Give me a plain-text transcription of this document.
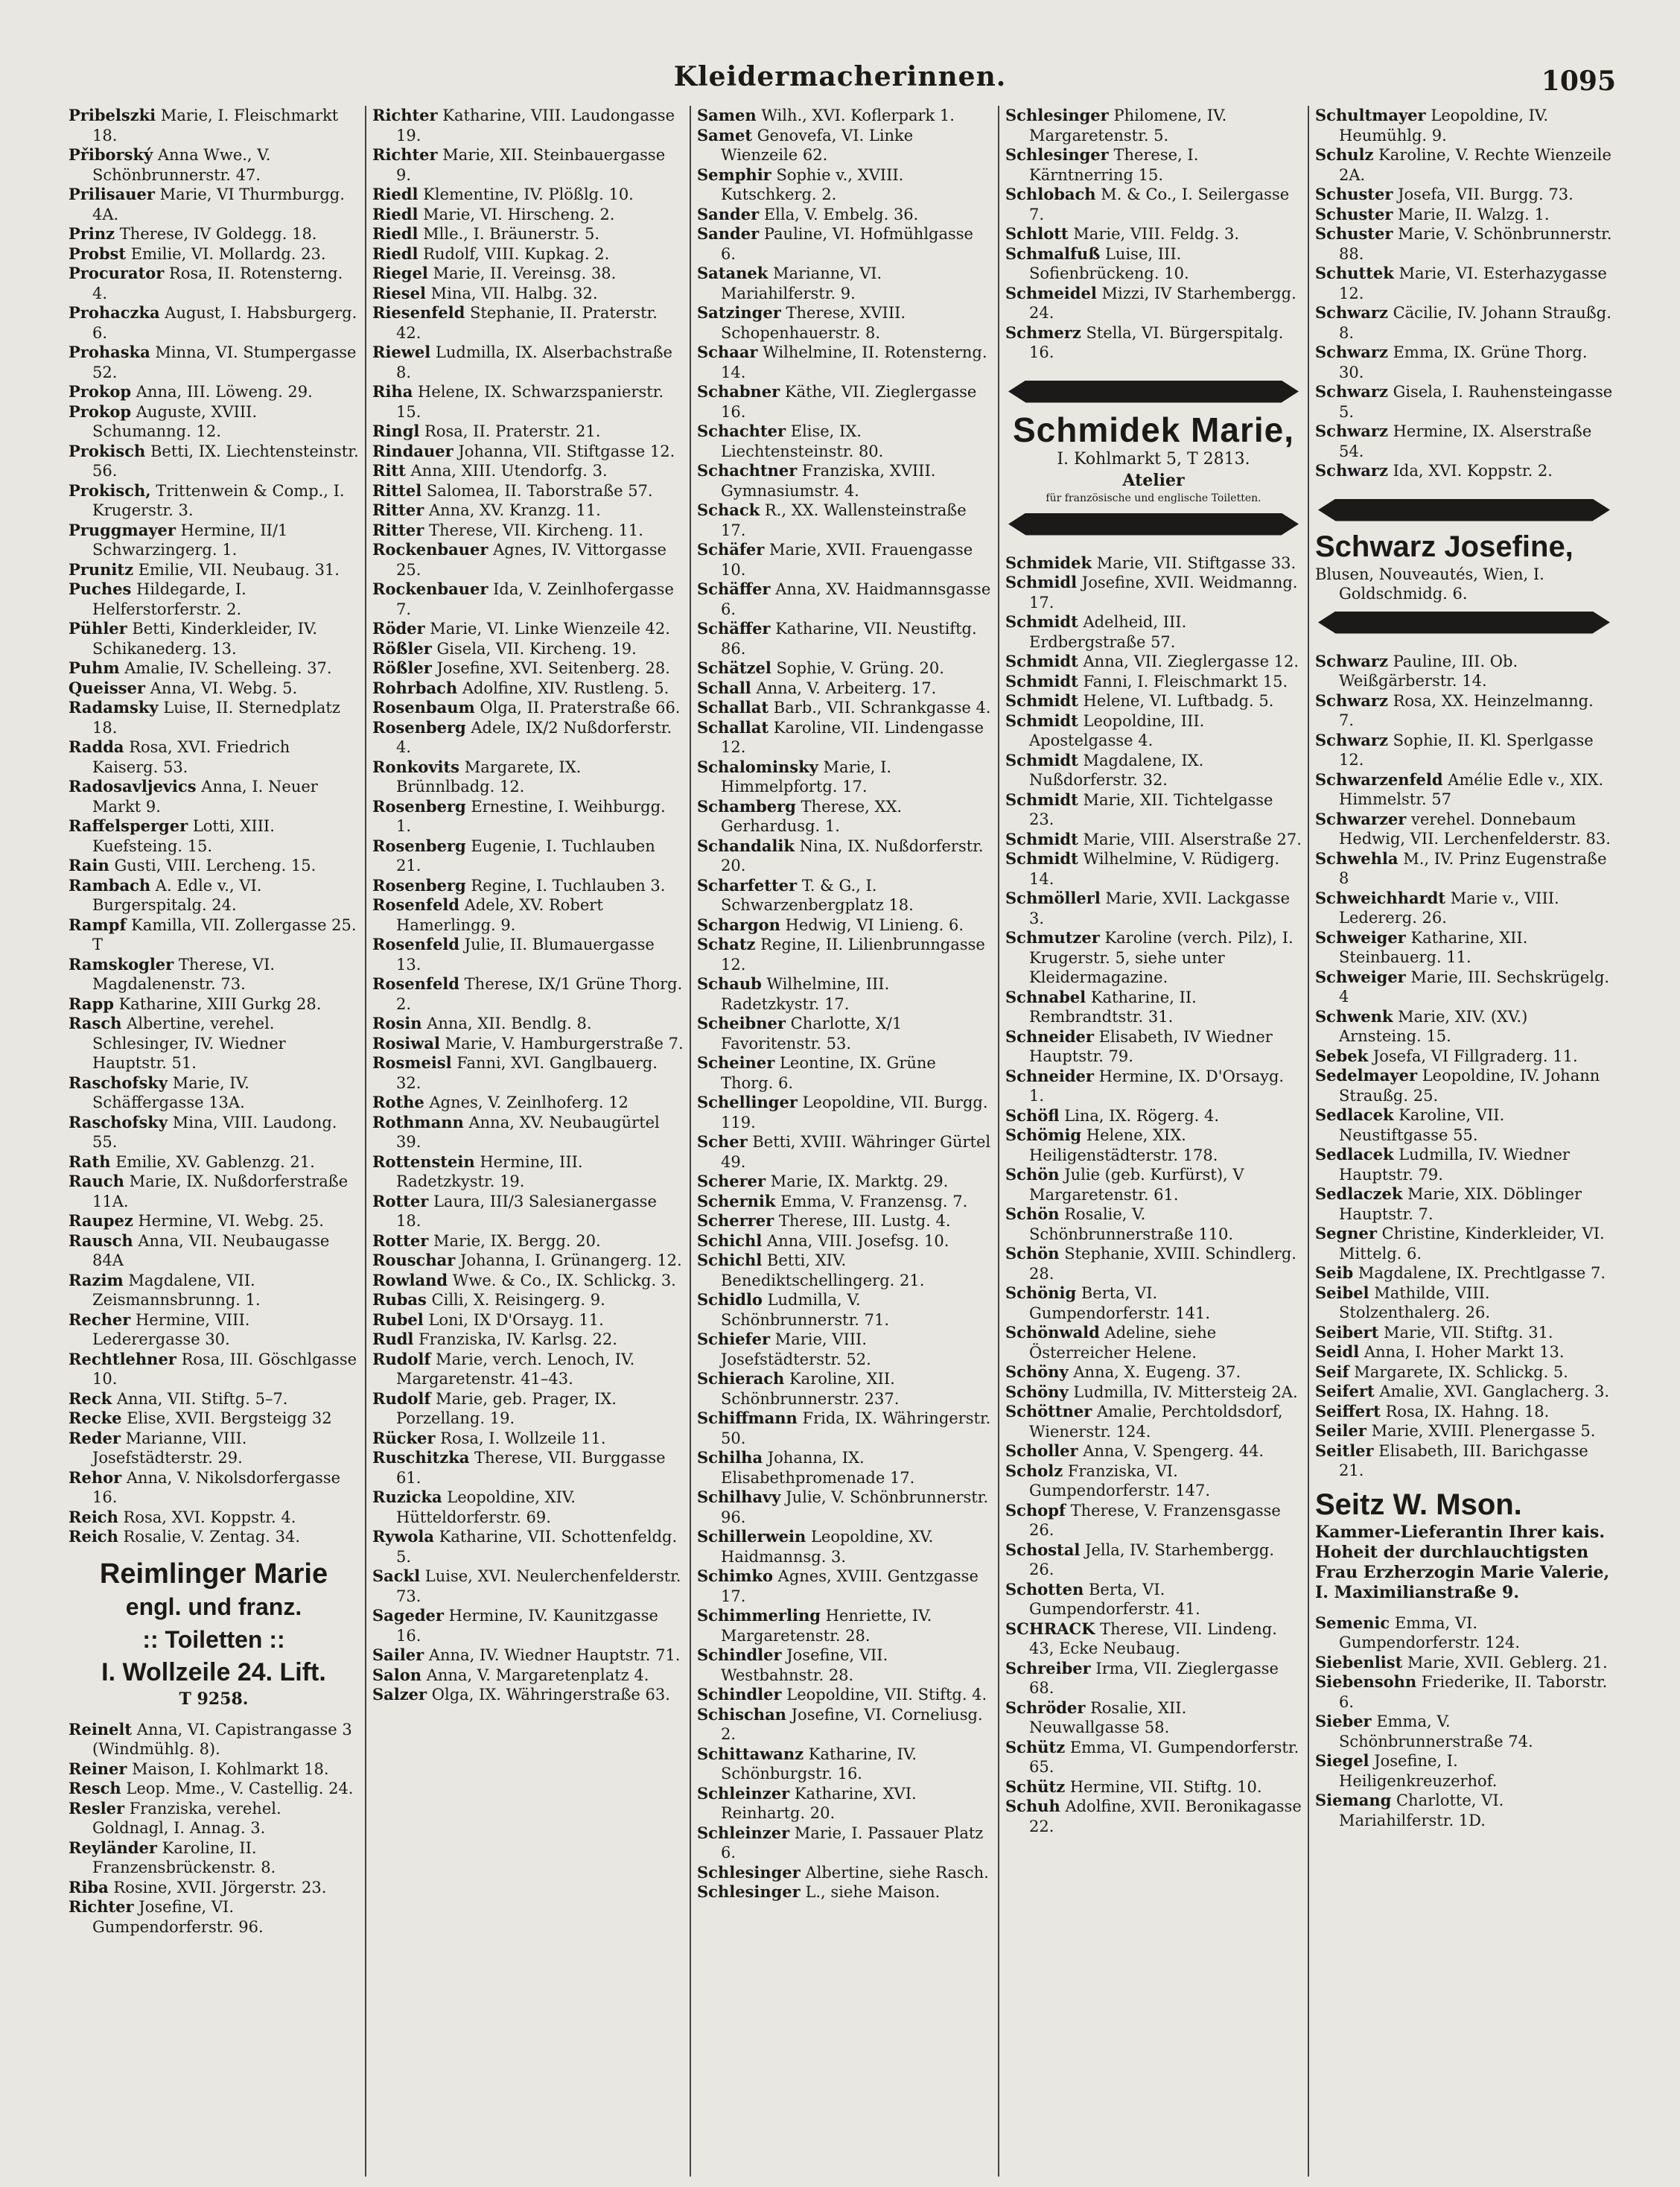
Kleidermacherinnen.	1095
Pribelszki Marie, I. Fleischmarkt 18.
Přiborský Anna Wwe., V. Schönbrunnerstr. 47.
Prilisauer Marie, VI Thurmburgg. 4A.
Prinz Therese, IV Goldegg. 18.
Probst Emilie, VI. Mollardg. 23.
Procurator Rosa, II. Rotensterng. 4.
Prohaczka August, I. Habsburgerg. 6.
Prohaska Minna, VI. Stumpergasse 52.
Prokop Anna, III. Löweng. 29.
Prokop Auguste, XVIII. Schumanng. 12.
Prokisch Betti, IX. Liechtensteinstr. 56.
Prokisch, Trittenwein & Comp., I. Krugerstr. 3.
Pruggmayer Hermine, II/1 Schwarzingerg. 1.
Prunitz Emilie, VII. Neubaug. 31.
Puches Hildegarde, I. Helferstorferstr. 2.
Pühler Betti, Kinderkleider, IV. Schikanederg. 13.
Puhm Amalie, IV. Schelleing. 37.
Queisser Anna, VI. Webg. 5.
Radamsky Luise, II. Sternedplatz 18.
Radda Rosa, XVI. Friedrich Kaiserg. 53.
Radosavljevics Anna, I. Neuer Markt 9.
Raffelsperger Lotti, XIII. Kuefsteing. 15.
Rain Gusti, VIII. Lercheng. 15.
Rambach A. Edle v., VI. Burgerspitalg. 24.
Rampf Kamilla, VII. Zollergasse 25. T
Ramskogler Therese, VI. Magdalenenstr. 73.
Rapp Katharine, XIII Gurkg 28.
Rasch Albertine, verehel. Schlesinger, IV. Wiedner Hauptstr. 51.
Raschofsky Marie, IV. Schäffergasse 13A.
Raschofsky Mina, VIII. Laudong. 55.
Rath Emilie, XV. Gablenzg. 21.
Rauch Marie, IX. Nußdorferstraße 11A.
Raupez Hermine, VI. Webg. 25.
Rausch Anna, VII. Neubaugasse 84A
Razim Magdalene, VII. Zeismannsbrunng. 1.
Recher Hermine, VIII. Lederergasse 30.
Rechtlehner Rosa, III. Göschlgasse 10.
Reck Anna, VII. Stiftg. 5–7.
Recke Elise, XVII. Bergsteigg 32
Reder Marianne, VIII. Josefstädterstr. 29.
Rehor Anna, V. Nikolsdorfergasse 16.
Reich Rosa, XVI. Koppstr. 4.
Reich Rosalie, V. Zentag. 34.
Reimlinger Marie
engl. und franz.
:: Toiletten ::
I. Wollzeile 24. Lift.
T 9258.
Reinelt Anna, VI. Capistrangasse 3 (Windmühlg. 8).
Reiner Maison, I. Kohlmarkt 18.
Resch Leop. Mme., V. Castellig. 24.
Resler Franziska, verehel. Goldnagl, I. Annag. 3.
Reyländer Karoline, II. Franzensbrückenstr. 8.
Riba Rosine, XVII. Jörgerstr. 23.
Richter Josefine, VI. Gumpendorferstr. 96.
Richter Katharine, VIII. Laudongasse 19.
Richter Marie, XII. Steinbauergasse 9.
Riedl Klementine, IV. Plößlg. 10.
Riedl Marie, VI. Hirscheng. 2.
Riedl Mlle., I. Bräunerstr. 5.
Riedl Rudolf, VIII. Kupkag. 2.
Riegel Marie, II. Vereinsg. 38.
Riesel Mina, VII. Halbg. 32.
Riesenfeld Stephanie, II. Praterstr. 42.
Riewel Ludmilla, IX. Alserbachstraße 8.
Riha Helene, IX. Schwarzspanierstr. 15.
Ringl Rosa, II. Praterstr. 21.
Rindauer Johanna, VII. Stiftgasse 12.
Ritt Anna, XIII. Utendorfg. 3.
Rittel Salomea, II. Taborstraße 57.
Ritter Anna, XV. Kranzg. 11.
Ritter Therese, VII. Kircheng. 11.
Rockenbauer Agnes, IV. Vittorgasse 25.
Rockenbauer Ida, V. Zeinlhofergasse 7.
Röder Marie, VI. Linke Wienzeile 42.
Rößler Gisela, VII. Kircheng. 19.
Rößler Josefine, XVI. Seitenberg. 28.
Rohrbach Adolfine, XIV. Rustleng. 5.
Rosenbaum Olga, II. Praterstraße 66.
Rosenberg Adele, IX/2 Nußdorferstr. 4.
Ronkovits Margarete, IX. Brünnlbadg. 12.
Rosenberg Ernestine, I. Weihburgg. 1.
Rosenberg Eugenie, I. Tuchlauben 21.
Rosenberg Regine, I. Tuchlauben 3.
Rosenfeld Adele, XV. Robert Hamerlingg. 9.
Rosenfeld Julie, II. Blumauergasse 13.
Rosenfeld Therese, IX/1 Grüne Thorg. 2.
Rosin Anna, XII. Bendlg. 8.
Rosiwal Marie, V. Hamburgerstraße 7.
Rosmeisl Fanni, XVI. Ganglbauerg. 32.
Rothe Agnes, V. Zeinlhoferg. 12
Rothmann Anna, XV. Neubaugürtel 39.
Rottenstein Hermine, III. Radetzkystr. 19.
Rotter Laura, III/3 Salesianergasse 18.
Rotter Marie, IX. Bergg. 20.
Rouschar Johanna, I. Grünangerg. 12.
Rowland Wwe. & Co., IX. Schlickg. 3.
Rubas Cilli, X. Reisingerg. 9.
Rubel Loni, IX D'Orsayg. 11.
Rudl Franziska, IV. Karlsg. 22.
Rudolf Marie, verch. Lenoch, IV. Margaretenstr. 41–43.
Rudolf Marie, geb. Prager, IX. Porzellang. 19.
Rücker Rosa, I. Wollzeile 11.
Ruschitzka Therese, VII. Burggasse 61.
Ruzicka Leopoldine, XIV. Hütteldorferstr. 69.
Rywola Katharine, VII. Schottenfeldg. 5.
Sackl Luise, XVI. Neulerchenfelderstr. 73.
Sageder Hermine, IV. Kaunitzgasse 16.
Sailer Anna, IV. Wiedner Hauptstr. 71.
Salon Anna, V. Margaretenplatz 4.
Salzer Olga, IX. Währingerstraße 63.
Samen Wilh., XVI. Koflerpark 1.
Samet Genovefa, VI. Linke Wienzeile 62.
Semphir Sophie v., XVIII. Kutschkerg. 2.
Sander Ella, V. Embelg. 36.
Sander Pauline, VI. Hofmühlgasse 6.
Satanek Marianne, VI. Mariahilferstr. 9.
Satzinger Therese, XVIII. Schopenhauerstr. 8.
Schaar Wilhelmine, II. Rotensterng. 14.
Schabner Käthe, VII. Zieglergasse 16.
Schachter Elise, IX. Liechtensteinstr. 80.
Schachtner Franziska, XVIII. Gymnasiumstr. 4.
Schack R., XX. Wallensteinstraße 17.
Schäfer Marie, XVII. Frauengasse 10.
Schäffer Anna, XV. Haidmannsgasse 6.
Schäffer Katharine, VII. Neustiftg. 86.
Schätzel Sophie, V. Grüng. 20.
Schall Anna, V. Arbeiterg. 17.
Schallat Barb., VII. Schrankgasse 4.
Schallat Karoline, VII. Lindengasse 12.
Schalominsky Marie, I. Himmelpfortg. 17.
Schamberg Therese, XX. Gerhardusg. 1.
Schandalik Nina, IX. Nußdorferstr. 20.
Scharfetter T. & G., I. Schwarzenbergplatz 18.
Schargon Hedwig, VI Linieng. 6.
Schatz Regine, II. Lilienbrunngasse 12.
Schaub Wilhelmine, III. Radetzkystr. 17.
Scheibner Charlotte, X/1 Favoritenstr. 53.
Scheiner Leontine, IX. Grüne Thorg. 6.
Schellinger Leopoldine, VII. Burgg. 119.
Scher Betti, XVIII. Währinger Gürtel 49.
Scherer Marie, IX. Marktg. 29.
Schernik Emma, V. Franzensg. 7.
Scherrer Therese, III. Lustg. 4.
Schichl Anna, VIII. Josefsg. 10.
Schichl Betti, XIV. Benediktschellingerg. 21.
Schidlo Ludmilla, V. Schönbrunnerstr. 71.
Schiefer Marie, VIII. Josefstädterstr. 52.
Schierach Karoline, XII. Schönbrunnerstr. 237.
Schiffmann Frida, IX. Währingerstr. 50.
Schilha Johanna, IX. Elisabethpromenade 17.
Schilhavy Julie, V. Schönbrunnerstr. 96.
Schillerwein Leopoldine, XV. Haidmannsg. 3.
Schimko Agnes, XVIII. Gentzgasse 17.
Schimmerling Henriette, IV. Margaretenstr. 28.
Schindler Josefine, VII. Westbahnstr. 28.
Schindler Leopoldine, VII. Stiftg. 4.
Schischan Josefine, VI. Corneliusg. 2.
Schittawanz Katharine, IV. Schönburgstr. 16.
Schleinzer Katharine, XVI. Reinhartg. 20.
Schleinzer Marie, I. Passauer Platz 6.
Schlesinger Albertine, siehe Rasch.
Schlesinger L., siehe Maison.
Schlesinger Philomene, IV. Margaretenstr. 5.
Schlesinger Therese, I. Kärntnerring 15.
Schlobach M. & Co., I. Seilergasse 7.
Schlott Marie, VIII. Feldg. 3.
Schmalfuß Luise, III. Sofienbrückeng. 10.
Schmeidel Mizzi, IV Starhembergg. 24.
Schmerz Stella, VI. Bürgerspitalg. 16.
Schmidek Marie,
I. Kohlmarkt 5, T 2813.
Atelier
für französische und englische Toiletten.
Schmidek Marie, VII. Stiftgasse 33.
Schmidl Josefine, XVII. Weidmanng. 17.
Schmidt Adelheid, III. Erdbergstraße 57.
Schmidt Anna, VII. Zieglergasse 12.
Schmidt Fanni, I. Fleischmarkt 15.
Schmidt Helene, VI. Luftbadg. 5.
Schmidt Leopoldine, III. Apostelgasse 4.
Schmidt Magdalene, IX. Nußdorferstr. 32.
Schmidt Marie, XII. Tichtelgasse 23.
Schmidt Marie, VIII. Alserstraße 27.
Schmidt Wilhelmine, V. Rüdigerg. 14.
Schmöllerl Marie, XVII. Lackgasse 3.
Schmutzer Karoline (verch. Pilz), I. Krugerstr. 5, siehe unter Kleidermagazine.
Schnabel Katharine, II. Rembrandtstr. 31.
Schneider Elisabeth, IV Wiedner Hauptstr. 79.
Schneider Hermine, IX. D'Orsayg. 1.
Schöfl Lina, IX. Rögerg. 4.
Schömig Helene, XIX. Heiligenstädterstr. 178.
Schön Julie (geb. Kurfürst), V Margaretenstr. 61.
Schön Rosalie, V. Schönbrunnerstraße 110.
Schön Stephanie, XVIII. Schindlerg. 28.
Schönig Berta, VI. Gumpendorferstr. 141.
Schönwald Adeline, siehe Österreicher Helene.
Schöny Anna, X. Eugeng. 37.
Schöny Ludmilla, IV. Mittersteig 2A.
Schöttner Amalie, Perchtoldsdorf, Wienerstr. 124.
Scholler Anna, V. Spengerg. 44.
Scholz Franziska, VI. Gumpendorferstr. 147.
Schopf Therese, V. Franzensgasse 26.
Schostal Jella, IV. Starhembergg. 26.
Schotten Berta, VI. Gumpendorferstr. 41.
SCHRACK Therese, VII. Lindeng. 43, Ecke Neubaug.
Schreiber Irma, VII. Zieglergasse 68.
Schröder Rosalie, XII. Neuwallgasse 58.
Schütz Emma, VI. Gumpendorferstr. 65.
Schütz Hermine, VII. Stiftg. 10.
Schuh Adolfine, XVII. Beronikagasse 22.
Schultmayer Leopoldine, IV. Heumühlg. 9.
Schulz Karoline, V. Rechte Wienzeile 2A.
Schuster Josefa, VII. Burgg. 73.
Schuster Marie, II. Walzg. 1.
Schuster Marie, V. Schönbrunnerstr. 88.
Schuttek Marie, VI. Esterhazygasse 12.
Schwarz Cäcilie, IV. Johann Straußg. 8.
Schwarz Emma, IX. Grüne Thorg. 30.
Schwarz Gisela, I. Rauhensteingasse 5.
Schwarz Hermine, IX. Alserstraße 54.
Schwarz Ida, XVI. Koppstr. 2.
Schwarz Josefine,
Blusen, Nouveautés, Wien, I. Goldschmidg. 6.
Schwarz Pauline, III. Ob. Weißgärberstr. 14.
Schwarz Rosa, XX. Heinzelmanng. 7.
Schwarz Sophie, II. Kl. Sperlgasse 12.
Schwarzenfeld Amélie Edle v., XIX. Himmelstr. 57
Schwarzer verehel. Donnebaum Hedwig, VII. Lerchenfelderstr. 83.
Schwehla M., IV. Prinz Eugenstraße 8
Schweichhardt Marie v., VIII. Ledererg. 26.
Schweiger Katharine, XII. Steinbauerg. 11.
Schweiger Marie, III. Sechskrügelg. 4
Schwenk Marie, XIV. (XV.) Arnsteing. 15.
Sebek Josefa, VI Fillgraderg. 11.
Sedelmayer Leopoldine, IV. Johann Straußg. 25.
Sedlacek Karoline, VII. Neustiftgasse 55.
Sedlacek Ludmilla, IV. Wiedner Hauptstr. 79.
Sedlaczek Marie, XIX. Döblinger Hauptstr. 7.
Segner Christine, Kinderkleider, VI. Mittelg. 6.
Seib Magdalene, IX. Prechtlgasse 7.
Seibel Mathilde, VIII. Stolzenthalerg. 26.
Seibert Marie, VII. Stiftg. 31.
Seidl Anna, I. Hoher Markt 13.
Seif Margarete, IX. Schlickg. 5.
Seifert Amalie, XVI. Ganglacherg. 3.
Seiffert Rosa, IX. Hahng. 18.
Seiler Marie, XVIII. Plenergasse 5.
Seitler Elisabeth, III. Barichgasse 21.
Seitz W. Mson.
Kammer-Lieferantin Ihrer kais. Hoheit der durchlauchtigsten Frau Erzherzogin Marie Valerie, I. Maximilianstraße 9.
Semenic Emma, VI. Gumpendorferstr. 124.
Siebenlist Marie, XVII. Geblerg. 21.
Siebensohn Friederike, II. Taborstr. 6.
Sieber Emma, V. Schönbrunnerstraße 74.
Siegel Josefine, I. Heiligenkreuzerhof.
Siemang Charlotte, VI. Mariahilferstr. 1D.
